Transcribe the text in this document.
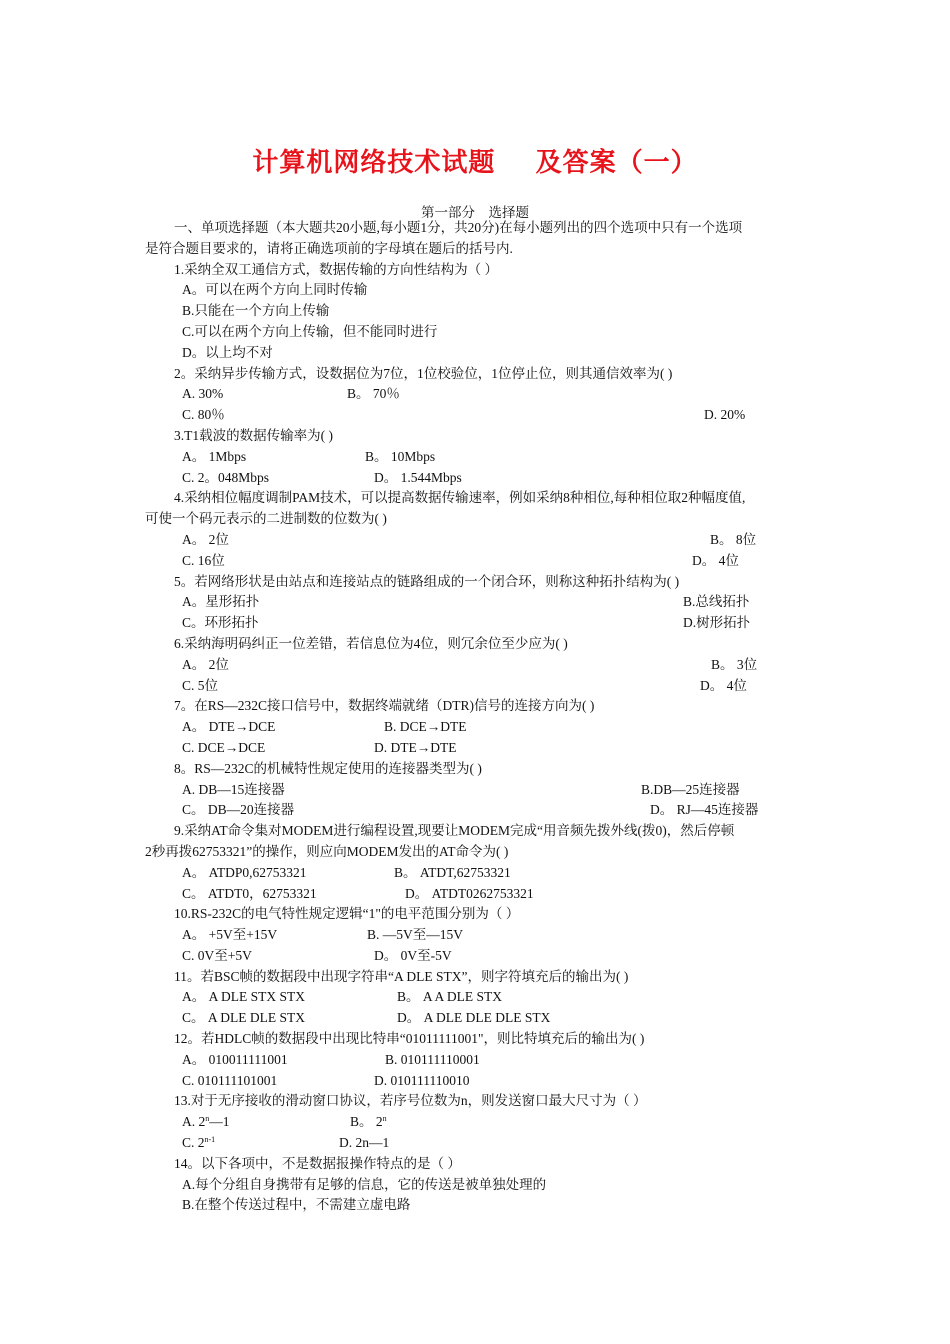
计算机网络技术试题    及答案（一）
第一部分    选择题
一、单项选择题（本大题共20小题,每小题1分，共20分)在每小题列出的四个选项中只有一个选项
是符合题目要求的，请将正确选项前的字母填在题后的括号内.
1.采纳全双工通信方式，数据传输的方向性结构为（ ）
A。可以在两个方向上同时传输
B.只能在一个方向上传输
C.可以在两个方向上传输，但不能同时进行
D。以上均不对
2。采纳异步传输方式，设数据位为7位，1位校验位，1位停止位，则其通信效率为( )
A. 30%	B。 70％
C. 80％	D. 20%
3.T1载波的数据传输率为( )
A。 1Mbps	B。 10Mbps
C. 2。048Mbps	D。 1.544Mbps
4.采纳相位幅度调制PAM技术，可以提高数据传输速率，例如采纳8种相位,每种相位取2种幅度值,
可使一个码元表示的二进制数的位数为( )
A。 2位	B。 8位
C. 16位	D。 4位
5。若网络形状是由站点和连接站点的链路组成的一个闭合环，则称这种拓扑结构为( )
A。星形拓扑	B.总线拓扑
C。环形拓扑	D.树形拓扑
6.采纳海明码纠正一位差错，若信息位为4位，则冗余位至少应为( )
A。 2位	B。 3位
C. 5位	D。 4位
7。在RS—232C接口信号中，数据终端就绪（DTR)信号的连接方向为( )
A。 DTE→DCE	B. DCE→DTE
C. DCE→DCE	D. DTE→DTE
8。RS—232C的机械特性规定使用的连接器类型为( )
A. DB—15连接器	B.DB—25连接器
C。 DB—20连接器	D。 RJ—45连接器
9.采纳AT命令集对MODEM进行编程设置,现要让MODEM完成“用音频先拨外线(拨0)，然后停顿
2秒再拨62753321”的操作，则应向MODEM发出的AT命令为( )
A。 ATDP0,62753321	B。 ATDT,62753321
C。 ATDT0，62753321	D。 ATDT0262753321
10.RS-232C的电气特性规定逻辑“1"的电平范围分别为（ ）
A。 +5V至+15V	B. —5V至—15V
C. 0V至+5V	D。 0V至-5V
11。若BSC帧的数据段中出现字符串“A DLE STX”，则字符填充后的输出为( )
A。 A DLE STX STX	B。 A A DLE STX
C。 A DLE DLE STX	D。 A DLE DLE DLE STX
12。若HDLC帧的数据段中出现比特串“01011111001"，则比特填充后的输出为( )
A。 010011111001	B. 010111110001
C. 010111101001	D. 010111110010
13.对于无序接收的滑动窗口协议，若序号位数为n，则发送窗口最大尺寸为（ ）
A. 2$^n$—1	B。 2$^n$
C. 2$^{n-1}$	D. 2n—1
14。以下各项中，不是数据报操作特点的是（ ）
A.每个分组自身携带有足够的信息，它的传送是被单独处理的
B.在整个传送过程中，不需建立虚电路
